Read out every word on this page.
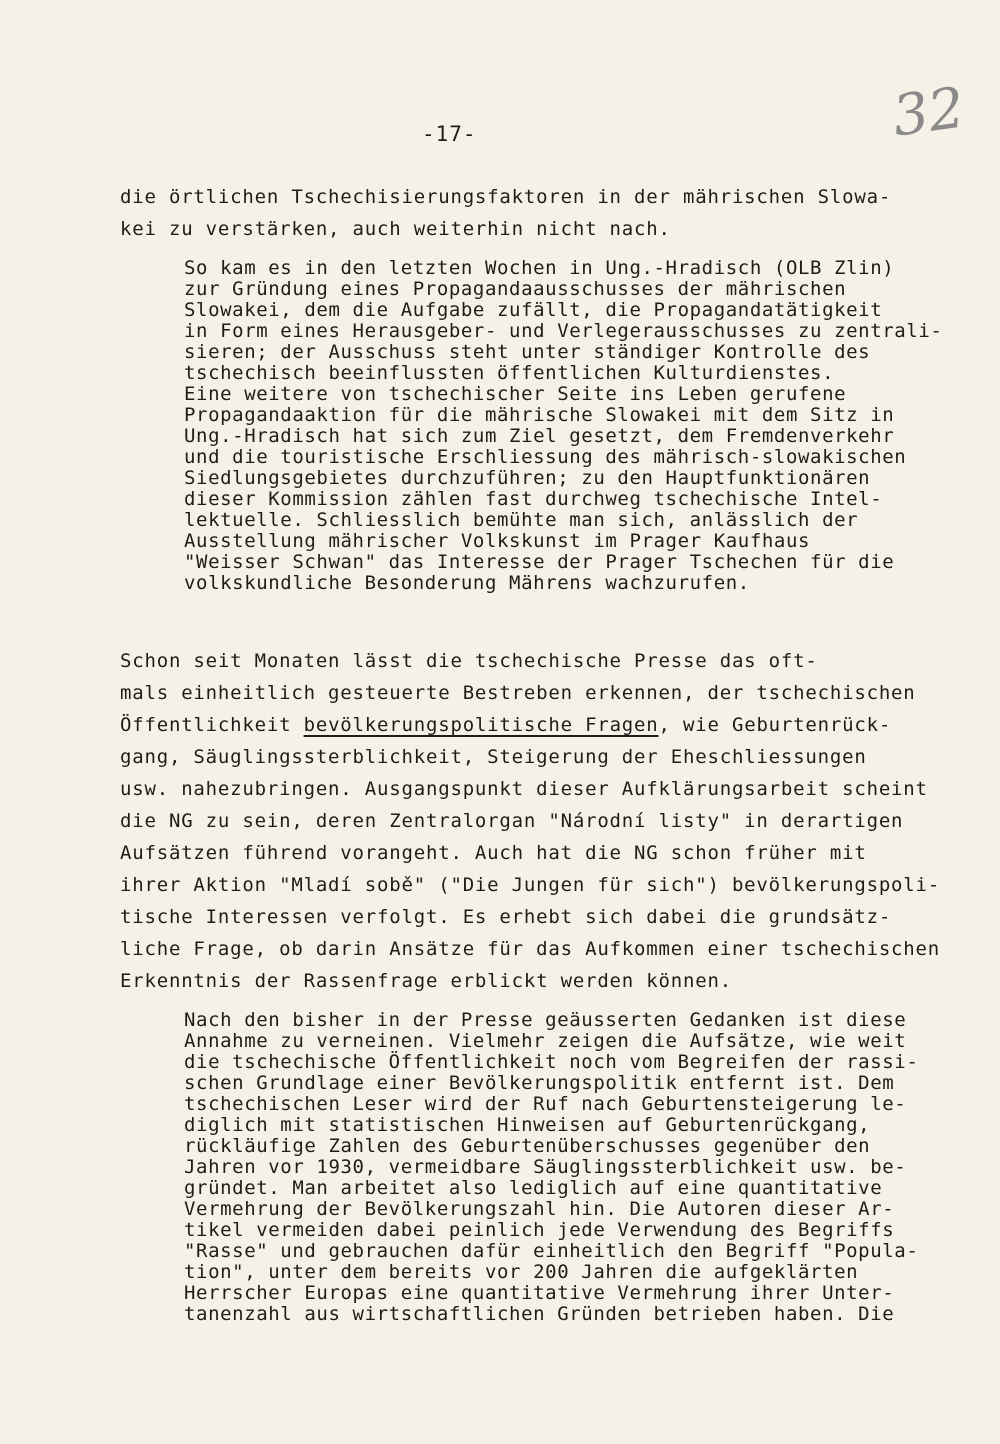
-17-	32
die örtlichen Tschechisierungsfaktoren in der mährischen Slowa-
kei zu verstärken, auch weiterhin nicht nach.
So kam es in den letzten Wochen in Ung.-Hradisch (OLB Zlin)
zur Gründung eines Propagandaausschusses der mährischen
Slowakei, dem die Aufgabe zufällt, die Propagandatätigkeit
in Form eines Herausgeber- und Verlegerausschusses zu zentrali-
sieren; der Ausschuss steht unter ständiger Kontrolle des
tschechisch beeinflussten öffentlichen Kulturdienstes.
Eine weitere von tschechischer Seite ins Leben gerufene
Propagandaaktion für die mährische Slowakei mit dem Sitz in
Ung.-Hradisch hat sich zum Ziel gesetzt, dem Fremdenverkehr
und die touristische Erschliessung des mährisch-slowakischen
Siedlungsgebietes durchzuführen; zu den Hauptfunktionären
dieser Kommission zählen fast durchweg tschechische Intel-
lektuelle. Schliesslich bemühte man sich, anlässlich der
Ausstellung mährischer Volkskunst im Prager Kaufhaus
"Weisser Schwan" das Interesse der Prager Tschechen für die
volkskundliche Besonderung Mährens wachzurufen.
Schon seit Monaten lässt die tschechische Presse das oft-
mals einheitlich gesteuerte Bestreben erkennen, der tschechischen
Öffentlichkeit bevölkerungspolitische Fragen, wie Geburtenrück-
gang, Säuglingssterblichkeit, Steigerung der Eheschliessungen
usw. nahezubringen. Ausgangspunkt dieser Aufklärungsarbeit scheint
die NG zu sein, deren Zentralorgan "Národní listy" in derartigen
Aufsätzen führend vorangeht. Auch hat die NG schon früher mit
ihrer Aktion "Mladí sobě" ("Die Jungen für sich") bevölkerungspoli-
tische Interessen verfolgt. Es erhebt sich dabei die grundsätz-
liche Frage, ob darin Ansätze für das Aufkommen einer tschechischen
Erkenntnis der Rassenfrage erblickt werden können.
Nach den bisher in der Presse geäusserten Gedanken ist diese
Annahme zu verneinen. Vielmehr zeigen die Aufsätze, wie weit
die tschechische Öffentlichkeit noch vom Begreifen der rassi-
schen Grundlage einer Bevölkerungspolitik entfernt ist. Dem
tschechischen Leser wird der Ruf nach Geburtensteigerung le-
diglich mit statistischen Hinweisen auf Geburtenrückgang,
rückläufige Zahlen des Geburtenüberschusses gegenüber den
Jahren vor 1930, vermeidbare Säuglingssterblichkeit usw. be-
gründet. Man arbeitet also lediglich auf eine quantitative
Vermehrung der Bevölkerungszahl hin. Die Autoren dieser Ar-
tikel vermeiden dabei peinlich jede Verwendung des Begriffs
"Rasse" und gebrauchen dafür einheitlich den Begriff "Popula-
tion", unter dem bereits vor 200 Jahren die aufgeklärten
Herrscher Europas eine quantitative Vermehrung ihrer Unter-
tanenzahl aus wirtschaftlichen Gründen betrieben haben. Die
